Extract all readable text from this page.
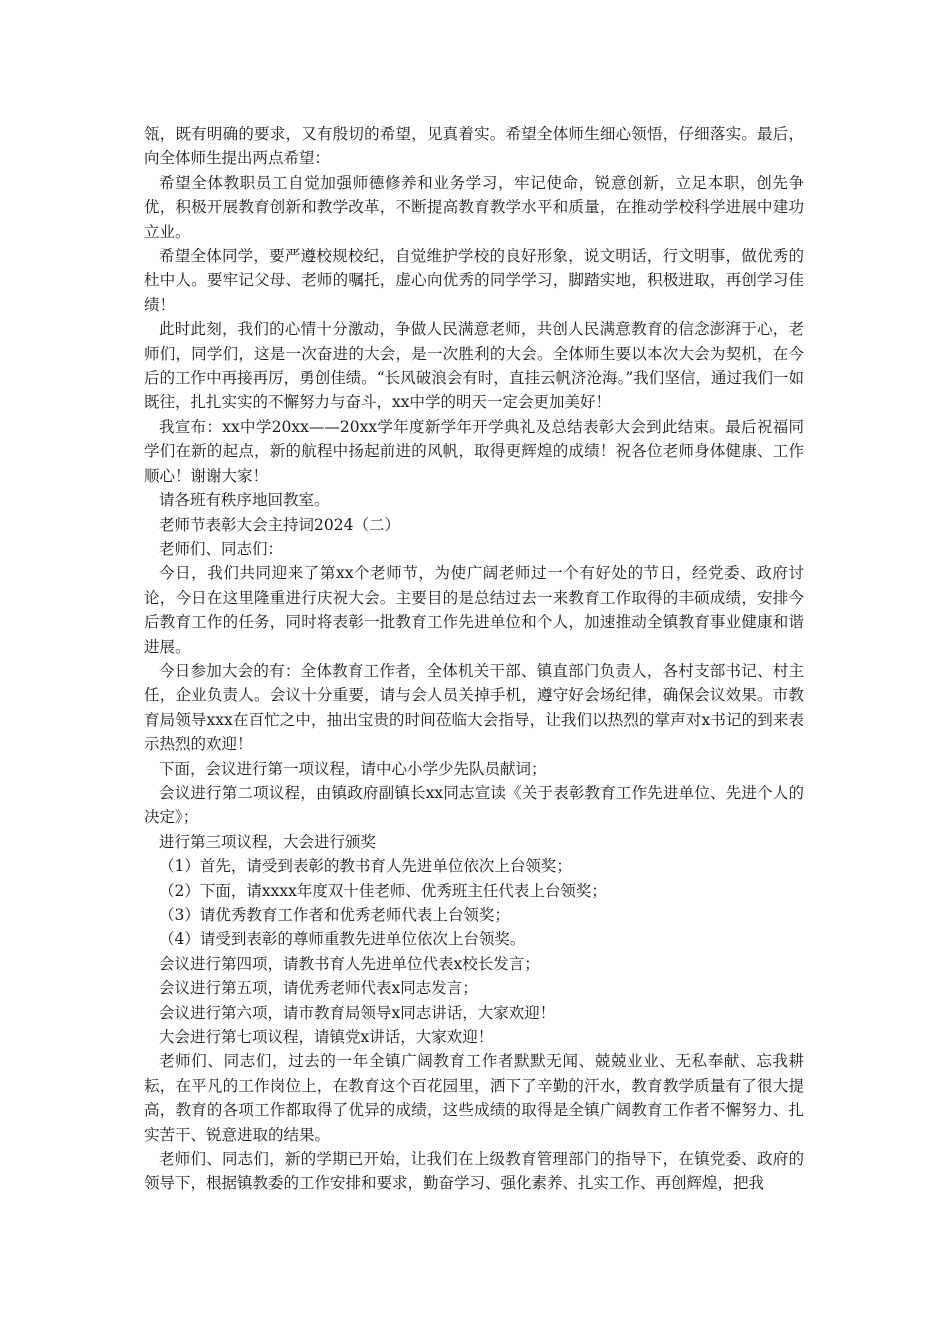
瓴，既有明确的要求，又有殷切的希望，见真着实。希望全体师生细心领悟，仔细落实。最后，向全体师生提出两点希望：

希望全体教职员工自觉加强师德修养和业务学习，牢记使命，锐意创新，立足本职，创先争优，积极开展教育创新和教学改革，不断提高教育教学水平和质量，在推动学校科学进展中建功立业。

希望全体同学，要严遵校规校纪，自觉维护学校的良好形象，说文明话，行文明事，做优秀的杜中人。要牢记父母、老师的嘱托，虚心向优秀的同学学习，脚踏实地，积极进取，再创学习佳绩！

此时此刻，我们的心情十分激动，争做人民满意老师，共创人民满意教育的信念澎湃于心，老师们，同学们，这是一次奋进的大会，是一次胜利的大会。全体师生要以本次大会为契机，在今后的工作中再接再厉，勇创佳绩。“长风破浪会有时，直挂云帆济沧海。”我们坚信，通过我们一如既往，扎扎实实的不懈努力与奋斗，xx中学的明天一定会更加美好！

我宣布：xx中学20xx——20xx学年度新学年开学典礼及总结表彰大会到此结束。最后祝福同学们在新的起点，新的航程中扬起前进的风帆，取得更辉煌的成绩！祝各位老师身体健康、工作顺心！谢谢大家！

请各班有秩序地回教室。

老师节表彰大会主持词2024（二）

老师们、同志们：

今日，我们共同迎来了第xx个老师节，为使广阔老师过一个有好处的节日，经党委、政府讨论，今日在这里隆重进行庆祝大会。主要目的是总结过去一来教育工作取得的丰硕成绩，安排今后教育工作的任务，同时将表彰一批教育工作先进单位和个人，加速推动全镇教育事业健康和谐进展。

今日参加大会的有：全体教育工作者，全体机关干部、镇直部门负责人，各村支部书记、村主任，企业负责人。会议十分重要，请与会人员关掉手机，遵守好会场纪律，确保会议效果。市教育局领导xxx在百忙之中，抽出宝贵的时间莅临大会指导，让我们以热烈的掌声对x书记的到来表示热烈的欢迎！

下面，会议进行第一项议程，请中心小学少先队员献词；

会议进行第二项议程，由镇政府副镇长xx同志宣读《关于表彰教育工作先进单位、先进个人的决定》；

进行第三项议程，大会进行颁奖

（1）首先，请受到表彰的教书育人先进单位依次上台领奖；

（2）下面，请xxxx年度双十佳老师、优秀班主任代表上台领奖；

（3）请优秀教育工作者和优秀老师代表上台领奖；

（4）请受到表彰的尊师重教先进单位依次上台领奖。

会议进行第四项，请教书育人先进单位代表x校长发言；

会议进行第五项，请优秀老师代表x同志发言；

会议进行第六项，请市教育局领导x同志讲话，大家欢迎！

大会进行第七项议程，请镇党x讲话，大家欢迎！

老师们、同志们，过去的一年全镇广阔教育工作者默默无闻、兢兢业业、无私奉献、忘我耕耘，在平凡的工作岗位上，在教育这个百花园里，洒下了辛勤的汗水，教育教学质量有了很大提高，教育的各项工作都取得了优异的成绩，这些成绩的取得是全镇广阔教育工作者不懈努力、扎实苦干、锐意进取的结果。

老师们、同志们，新的学期已开始，让我们在上级教育管理部门的指导下，在镇党委、政府的领导下，根据镇教委的工作安排和要求，勤奋学习、强化素养、扎实工作、再创辉煌，把我
